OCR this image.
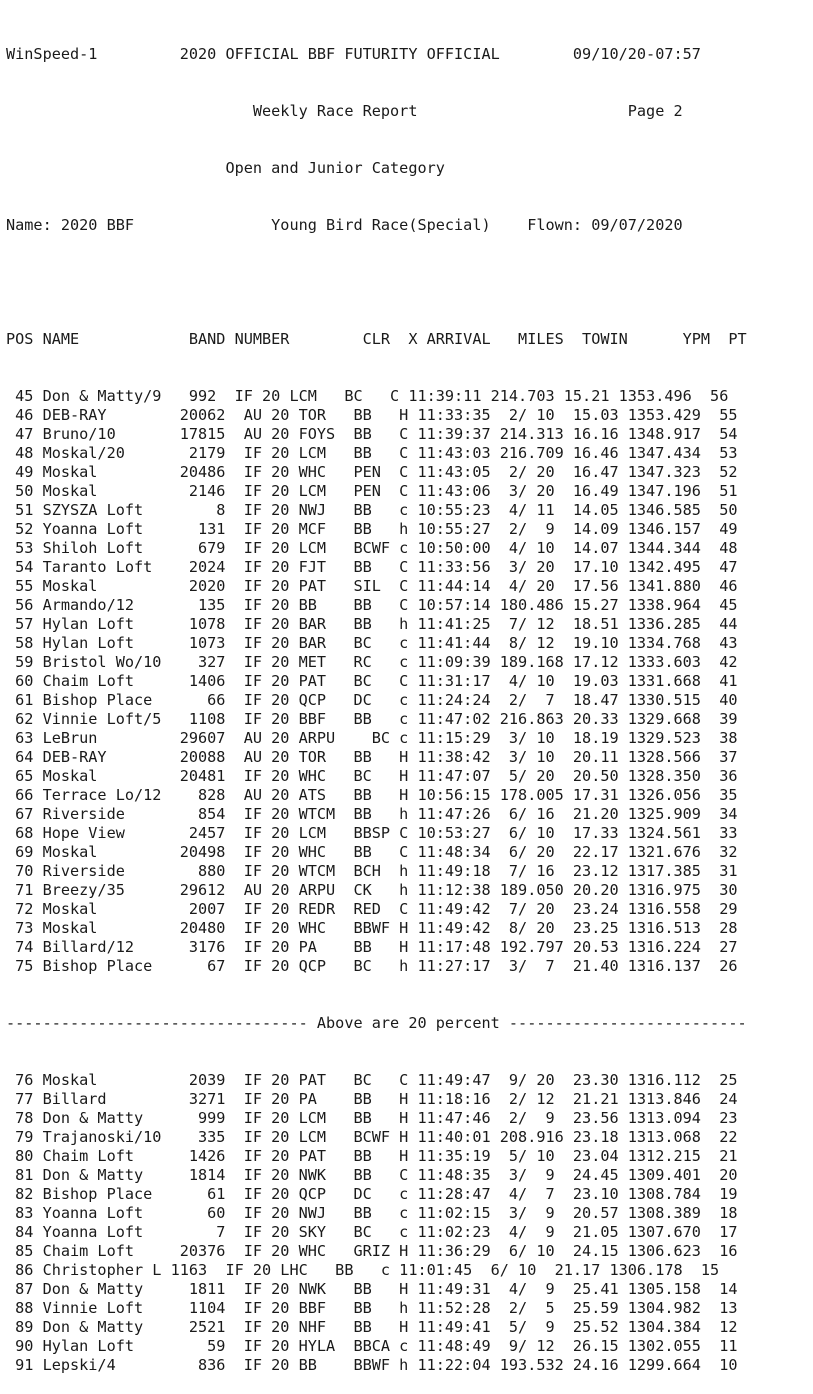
WinSpeed-1         2020 OFFICIAL BBF FUTURITY OFFICIAL        09/10/20-07:57

Weekly Race Report                       Page 2

Open and Junior Category

Name: 2020 BBF               Young Bird Race(Special)    Flown: 09/07/2020

POS NAME            BAND NUMBER        CLR  X ARRIVAL   MILES  TOWIN      YPM  PT

45 Don & Matty/9   992  IF 20 LCM   BC   C 11:39:11 214.703 15.21 1353.496  56
46 DEB-RAY        20062  AU 20 TOR   BB   H 11:33:35  2/ 10  15.03 1353.429  55
47 Bruno/10       17815  AU 20 FOYS  BB   C 11:39:37 214.313 16.16 1348.917  54
48 Moskal/20       2179  IF 20 LCM   BB   C 11:43:03 216.709 16.46 1347.434  53
49 Moskal         20486  IF 20 WHC   PEN  C 11:43:05  2/ 20  16.47 1347.323  52
50 Moskal          2146  IF 20 LCM   PEN  C 11:43:06  3/ 20  16.49 1347.196  51
51 SZYSZA Loft        8  IF 20 NWJ   BB   c 10:55:23  4/ 11  14.05 1346.585  50
52 Yoanna Loft      131  IF 20 MCF   BB   h 10:55:27  2/  9  14.09 1346.157  49
53 Shiloh Loft      679  IF 20 LCM   BCWF c 10:50:00  4/ 10  14.07 1344.344  48
54 Taranto Loft    2024  IF 20 FJT   BB   C 11:33:56  3/ 20  17.10 1342.495  47
55 Moskal          2020  IF 20 PAT   SIL  C 11:44:14  4/ 20  17.56 1341.880  46
56 Armando/12       135  IF 20 BB    BB   C 10:57:14 180.486 15.27 1338.964  45
57 Hylan Loft      1078  IF 20 BAR   BB   h 11:41:25  7/ 12  18.51 1336.285  44
58 Hylan Loft      1073  IF 20 BAR   BC   c 11:41:44  8/ 12  19.10 1334.768  43
59 Bristol Wo/10    327  IF 20 MET   RC   c 11:09:39 189.168 17.12 1333.603  42
60 Chaim Loft      1406  IF 20 PAT   BC   C 11:31:17  4/ 10  19.03 1331.668  41
61 Bishop Place      66  IF 20 QCP   DC   c 11:24:24  2/  7  18.47 1330.515  40
62 Vinnie Loft/5   1108  IF 20 BBF   BB   c 11:47:02 216.863 20.33 1329.668  39
63 LeBrun         29607  AU 20 ARPU    BC c 11:15:29  3/ 10  18.19 1329.523  38
64 DEB-RAY        20088  AU 20 TOR   BB   H 11:38:42  3/ 10  20.11 1328.566  37
65 Moskal         20481  IF 20 WHC   BC   H 11:47:07  5/ 20  20.50 1328.350  36
66 Terrace Lo/12    828  AU 20 ATS   BB   H 10:56:15 178.005 17.31 1326.056  35
67 Riverside        854  IF 20 WTCM  BB   h 11:47:26  6/ 16  21.20 1325.909  34
68 Hope View       2457  IF 20 LCM   BBSP C 10:53:27  6/ 10  17.33 1324.561  33
69 Moskal         20498  IF 20 WHC   BB   C 11:48:34  6/ 20  22.17 1321.676  32
70 Riverside        880  IF 20 WTCM  BCH  h 11:49:18  7/ 16  23.12 1317.385  31
71 Breezy/35      29612  AU 20 ARPU  CK   h 11:12:38 189.050 20.20 1316.975  30
72 Moskal          2007  IF 20 REDR  RED  C 11:49:42  7/ 20  23.24 1316.558  29
73 Moskal         20480  IF 20 WHC   BBWF H 11:49:42  8/ 20  23.25 1316.513  28
74 Billard/12      3176  IF 20 PA    BB   H 11:17:48 192.797 20.53 1316.224  27
75 Bishop Place      67  IF 20 QCP   BC   h 11:27:17  3/  7  21.40 1316.137  26

--------------------------------- Above are 20 percent --------------------------

76 Moskal          2039  IF 20 PAT   BC   C 11:49:47  9/ 20  23.30 1316.112  25
77 Billard         3271  IF 20 PA    BB   H 11:18:16  2/ 12  21.21 1313.846  24
78 Don & Matty      999  IF 20 LCM   BB   H 11:47:46  2/  9  23.56 1313.094  23
79 Trajanoski/10    335  IF 20 LCM   BCWF H 11:40:01 208.916 23.18 1313.068  22
80 Chaim Loft      1426  IF 20 PAT   BB   H 11:35:19  5/ 10  23.04 1312.215  21
81 Don & Matty     1814  IF 20 NWK   BB   C 11:48:35  3/  9  24.45 1309.401  20
82 Bishop Place      61  IF 20 QCP   DC   c 11:28:47  4/  7  23.10 1308.784  19
83 Yoanna Loft       60  IF 20 NWJ   BB   c 11:02:15  3/  9  20.57 1308.389  18
84 Yoanna Loft        7  IF 20 SKY   BC   c 11:02:23  4/  9  21.05 1307.670  17
85 Chaim Loft     20376  IF 20 WHC   GRIZ H 11:36:29  6/ 10  24.15 1306.623  16
86 Christopher L 1163  IF 20 LHC   BB   c 11:01:45  6/ 10  21.17 1306.178  15
87 Don & Matty     1811  IF 20 NWK   BB   H 11:49:31  4/  9  25.41 1305.158  14
88 Vinnie Loft     1104  IF 20 BBF   BB   h 11:52:28  2/  5  25.59 1304.982  13
89 Don & Matty     2521  IF 20 NHF   BB   H 11:49:41  5/  9  25.52 1304.384  12
90 Hylan Loft        59  IF 20 HYLA  BBCA c 11:48:49  9/ 12  26.15 1302.055  11
91 Lepski/4         836  IF 20 BB    BBWF h 11:22:04 193.532 24.16 1299.664  10
